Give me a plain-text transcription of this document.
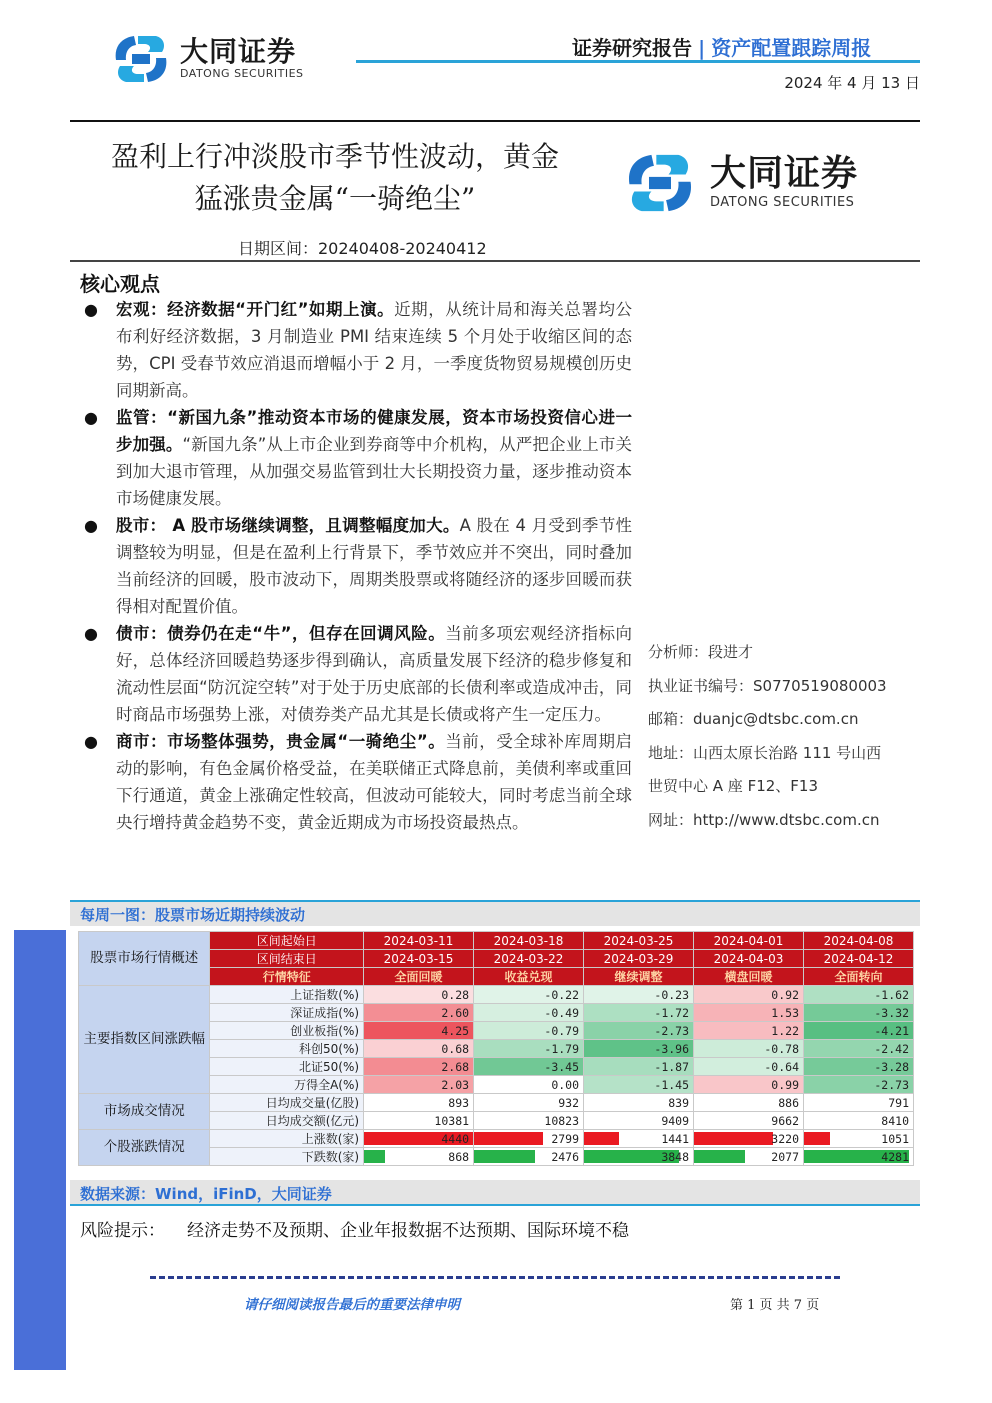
大同证券
DATONG SECURITIES
证券研究报告 | 资产配置跟踪周报
2024 年 4 月 13 日
盈利上行冲淡股市季节性波动，黄金
猛涨贵金属“一骑绝尘”
大同证券
DATONG SECURITIES
日期区间：20240408-20240412
核心观点
● 宏观：经济数据“开门红”如期上演。近期，从统计局和海关总署均公布利好经济数据，3 月制造业 PMI 结束连续 5 个月处于收缩区间的态势，CPI 受春节效应消退而增幅小于 2 月，一季度货物贸易规模创历史同期新高。
● 监管：“新国九条”推动资本市场的健康发展，资本市场投资信心进一步加强。“新国九条”从上市企业到券商等中介机构，从严把企业上市关到加大退市管理，从加强交易监管到壮大长期投资力量，逐步推动资本市场健康发展。
● 股市： A 股市场继续调整，且调整幅度加大。A 股在 4 月受到季节性调整较为明显，但是在盈利上行背景下，季节效应并不突出，同时叠加当前经济的回暖，股市波动下，周期类股票或将随经济的逐步回暖而获得相对配置价值。
● 债市：债券仍在走“牛”，但存在回调风险。当前多项宏观经济指标向好，总体经济回暖趋势逐步得到确认，高质量发展下经济的稳步修复和流动性层面“防沉淀空转”对于处于历史底部的长债利率或造成冲击，同时商品市场强势上涨，对债券类产品尤其是长债或将产生一定压力。
● 商市：市场整体强势，贵金属“一骑绝尘”。当前，受全球补库周期启动的影响，有色金属价格受益，在美联储正式降息前，美债利率或重回下行通道，黄金上涨确定性较高，但波动可能较大，同时考虑当前全球央行增持黄金趋势不变，黄金近期成为市场投资最热点。
分析师：段进才
执业证书编号：S0770519080003
邮箱：duanjc@dtsbc.com.cn
地址：山西太原长治路 111 号山西
世贸中心 A 座 F12、F13
网址：http://www.dtsbc.com.cn
每周一图：股票市场近期持续波动
股票市场行情概述	区间起始日	2024-03-11	2024-03-18	2024-03-25	2024-04-01	2024-04-08
	区间结束日	2024-03-15	2024-03-22	2024-03-29	2024-04-03	2024-04-12
	行情特征	全面回暖	收益兑现	继续调整	横盘回暖	全面转向
主要指数区间涨跌幅	上证指数(%)	0.28	-0.22	-0.23	0.92	-1.62
	深证成指(%)	2.60	-0.49	-1.72	1.53	-3.32
	创业板指(%)	4.25	-0.79	-2.73	1.22	-4.21
	科创50(%)	0.68	-1.79	-3.96	-0.78	-2.42
	北证50(%)	2.68	-3.45	-1.87	-0.64	-3.28
	万得全A(%)	2.03	0.00	-1.45	0.99	-2.73
市场成交情况	日均成交量(亿股)	893	932	839	886	791
	日均成交额(亿元)	10381	10823	9409	9662	8410
个股涨跌情况	上涨数(家)	4440	2799	1441	3220	1051

	下跌数(家)	868	2476	3848	2077	4281
数据来源：Wind，iFinD，大同证券
风险提示： 经济走势不及预期、企业年报数据不达预期、国际环境不稳
请仔细阅读报告最后的重要法律申明	第 1 页 共 7 页
